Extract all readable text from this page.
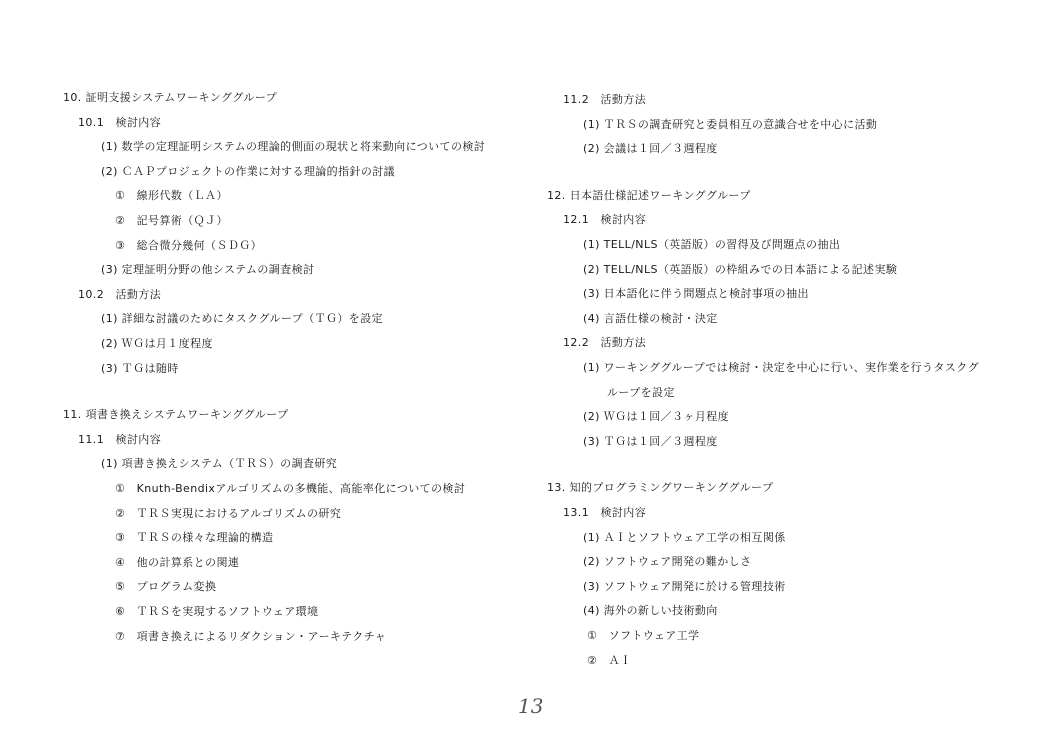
10. 証明支援システムワーキンググループ
10.1　検討内容
(1) 数学の定理証明システムの理論的側面の現状と将来動向についての検討
(2) ＣＡＰプロジェクトの作業に対する理論的指針の討議
①　線形代数（ＬＡ）
②　記号算術（ＱＪ）
③　総合微分幾何（ＳＤＧ）
(3) 定理証明分野の他システムの調査検討
10.2　活動方法
(1) 詳細な討議のためにタスクグループ（ＴＧ）を設定
(2) ＷＧは月１度程度
(3) ＴＧは随時
11. 項書き換えシステムワーキンググループ
11.1　検討内容
(1) 項書き換えシステム（ＴＲＳ）の調査研究
①　Knuth-Bendixアルゴリズムの多機能、高能率化についての検討
②　ＴＲＳ実現におけるアルゴリズムの研究
③　ＴＲＳの様々な理論的構造
④　他の計算系との関連
⑤　プログラム変換
⑥　ＴＲＳを実現するソフトウェア環境
⑦　項書き換えによるリダクション・アーキテクチャ
11.2　活動方法
(1) ＴＲＳの調査研究と委員相互の意識合せを中心に活動
(2) 会議は１回／３週程度
12. 日本語仕様記述ワーキンググループ
12.1　検討内容
(1) TELL/NLS（英語版）の習得及び問題点の抽出
(2) TELL/NLS（英語版）の枠組みでの日本語による記述実験
(3) 日本語化に伴う問題点と検討事項の抽出
(4) 言語仕様の検討・決定
12.2　活動方法
(1) ワーキンググループでは検討・決定を中心に行い、実作業を行うタスクグ
ループを設定
(2) ＷＧは１回／３ヶ月程度
(3) ＴＧは１回／３週程度
13. 知的プログラミングワーキンググループ
13.1　検討内容
(1) ＡＩとソフトウェア工学の相互関係
(2) ソフトウェア開発の難かしさ
(3) ソフトウェア開発に於ける管理技術
(4) 海外の新しい技術動向
①　ソフトウェア工学
②　ＡＩ
13
